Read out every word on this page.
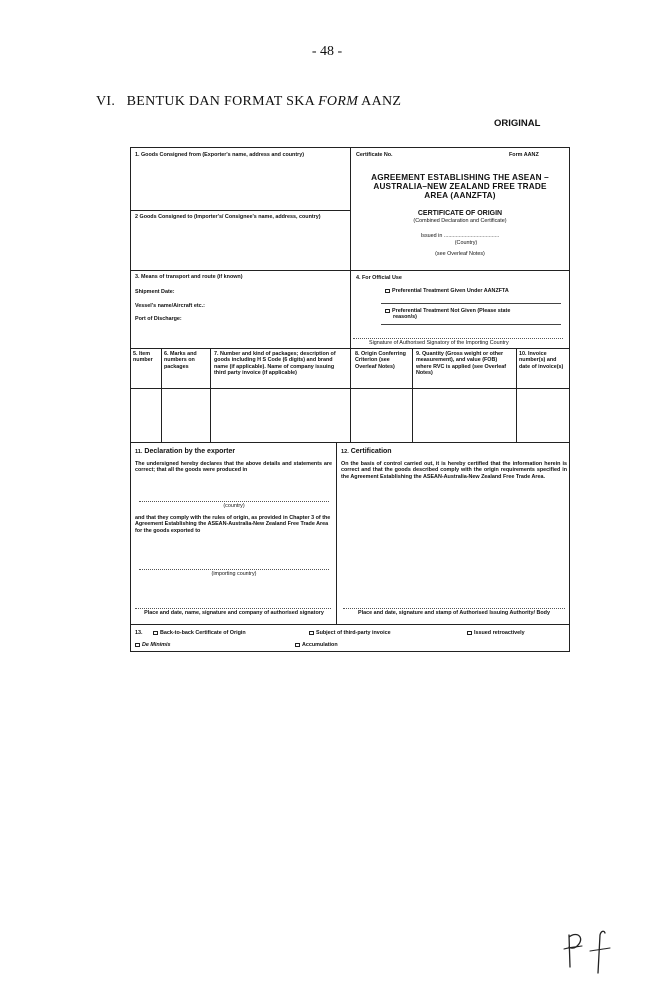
- 48 -
VI. BENTUK DAN FORMAT SKA FORM AANZ
ORIGINAL
1. Goods Consigned from (Exporter's name, address and country)	Certificate No.	Form AANZ
AGREEMENT ESTABLISHING THE ASEAN –
AUSTRALIA–NEW ZEALAND FREE TRADE
AREA (AANZFTA)
2 Goods Consigned to (Importer's/ Consignee's name, address, country)	CERTIFICATE OF ORIGIN
(Combined Declaration and Certificate)
Issued in .....................................
(Country)
(see Overleaf Notes)
3. Means of transport and route (if known)
Shipment Date:
Vessel's name/Aircraft etc.:
Port of Discharge:
4. For Official Use
Preferential Treatment Given Under AANZFTA
Preferential Treatment Not Given (Please state
reason/s)
Signature of Authorised Signatory of the Importing Country
5. Item number
6. Marks and numbers on packages
7. Number and kind of packages; description of goods including H S Code (6 digits) and brand name (if applicable). Name of company issuing third party invoice (if applicable)
8. Origin Conferring Criterion (see Overleaf Notes)
9. Quantity (Gross weight or other measurement), and value (FOB) where RVC is applied (see Overleaf Notes)
10. Invoice number(s) and date of invoice(s)
11. Declaration by the exporter
The undersigned hereby declares that the above details and statements are correct; that all the goods were produced in
(country)
and that they comply with the rules of origin, as provided in Chapter 3 of the Agreement Establishing the ASEAN-Australia-New Zealand Free Trade Area for the goods exported to
(importing country)
Place and date, name, signature and company of authorised signatory
12. Certification
On the basis of control carried out, it is hereby certified that the information herein is correct and that the goods described comply with the origin requirements specified in the Agreement Establishing the ASEAN-Australia-New Zealand Free Trade Area.
Place and date, signature and stamp of Authorised Issuing Authority/ Body
13.	Back-to-back Certificate of Origin	Subject of third-party invoice	Issued retroactively
De Minimis	Accumulation
